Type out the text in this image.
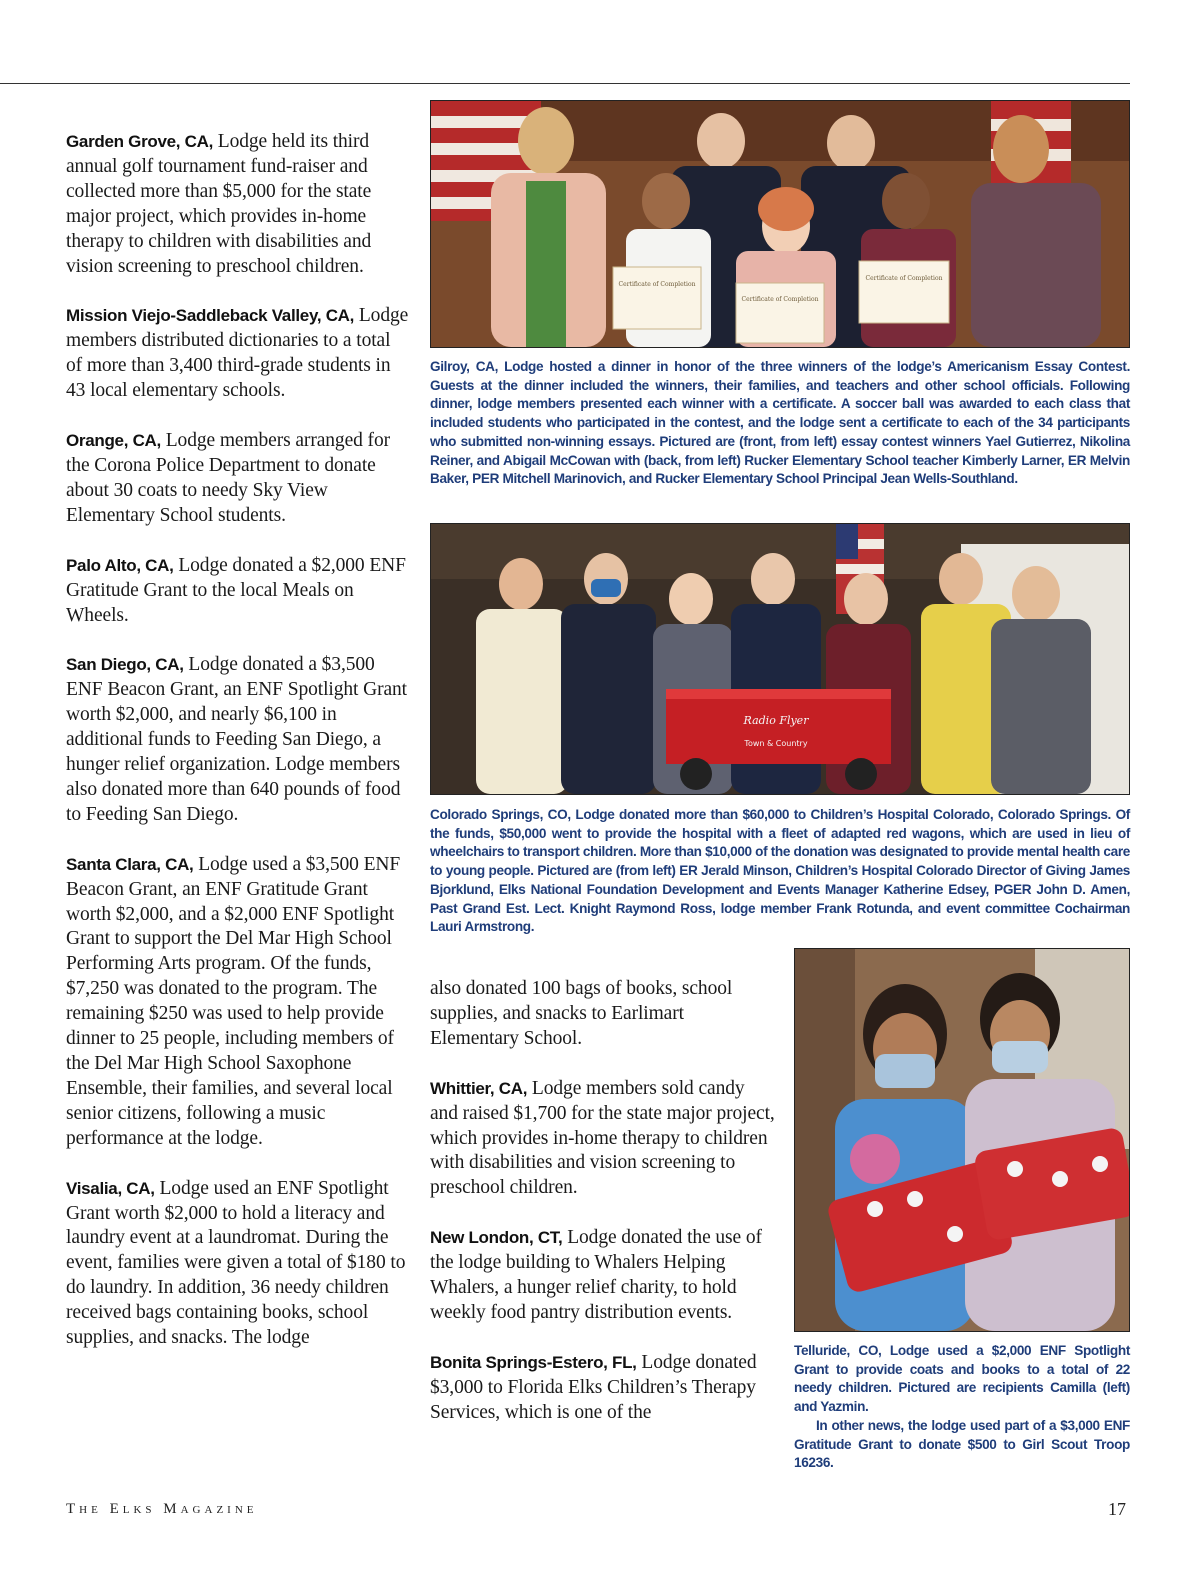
Garden Grove, CA, Lodge held its third annual golf tournament fund-raiser and collected more than $5,000 for the state major project, which provides in-home therapy to children with disabilities and vision screening to preschool children.

Mission Viejo-Saddleback Valley, CA, Lodge members distributed dictionaries to a total of more than 3,400 third-grade students in 43 local elementary schools.

Orange, CA, Lodge members arranged for the Corona Police Department to donate about 30 coats to needy Sky View Elementary School students.

Palo Alto, CA, Lodge donated a $2,000 ENF Gratitude Grant to the local Meals on Wheels.

San Diego, CA, Lodge donated a $3,500 ENF Beacon Grant, an ENF Spotlight Grant worth $2,000, and nearly $6,100 in additional funds to Feeding San Diego, a hunger relief organization. Lodge members also donated more than 640 pounds of food to Feeding San Diego.

Santa Clara, CA, Lodge used a $3,500 ENF Beacon Grant, an ENF Gratitude Grant worth $2,000, and a $2,000 ENF Spotlight Grant to support the Del Mar High School Performing Arts program. Of the funds, $7,250 was donated to the program. The remaining $250 was used to help provide dinner to 25 people, including members of the Del Mar High School Saxophone Ensemble, their families, and several local senior citizens, following a music performance at the lodge.

Visalia, CA, Lodge used an ENF Spotlight Grant worth $2,000 to hold a literacy and laundry event at a laundromat. During the event, families were given a total of $180 to do laundry. In addition, 36 needy children received bags containing books, school supplies, and snacks. The lodge

also donated 100 bags of books, school supplies, and snacks to Earlimart Elementary School.

Whittier, CA, Lodge members sold candy and raised $1,700 for the state major project, which provides in-home therapy to children with disabilities and vision screening to preschool children.

New London, CT, Lodge donated the use of the lodge building to Whalers Helping Whalers, a hunger relief charity, to hold weekly food pantry distribution events.

Bonita Springs-Estero, FL, Lodge donated $3,000 to Florida Elks Children’s Therapy Services, which is one of the

Certificate of Completion
Certificate of Completion
Certificate of Completion
Gilroy, CA, Lodge hosted a dinner in honor of the three winners of the lodge’s Americanism Essay Contest. Guests at the dinner included the winners, their families, and teachers and other school officials. Following dinner, lodge members presented each winner with a certificate. A soccer ball was awarded to each class that included students who participated in the contest, and the lodge sent a certificate to each of the 34 participants who submitted non-winning essays. Pictured are (front, from left) essay contest winners Yael Gutierrez, Nikolina Reiner, and Abigail McCowan with (back, from left) Rucker Elementary School teacher Kimberly Larner, ER Melvin Baker, PER Mitchell Marinovich, and Rucker Elementary School Principal Jean Wells-Southland.
Radio Flyer
Town & Country
Colorado Springs, CO, Lodge donated more than $60,000 to Children’s Hospital Colorado, Colorado Springs. Of the funds, $50,000 went to provide the hospital with a fleet of adapted red wagons, which are used in lieu of wheelchairs to transport children. More than $10,000 of the donation was designated to provide mental health care to young people. Pictured are (from left) ER Jerald Minson, Children’s Hospital Colorado Director of Giving James Bjorklund, Elks National Foundation Development and Events Manager Katherine Edsey, PGER John D. Amen, Past Grand Est. Lect. Knight Raymond Ross, lodge member Frank Rotunda, and event committee Cochairman Lauri Armstrong.
Telluride, CO, Lodge used a $2,000 ENF Spotlight Grant to provide coats and books to a total of 22 needy children. Pictured are recipients Camilla (left) and Yazmin.
In other news, the lodge used part of a $3,000 ENF Gratitude Grant to donate $500 to Girl Scout Troop 16236.
The Elks Magazine	17
